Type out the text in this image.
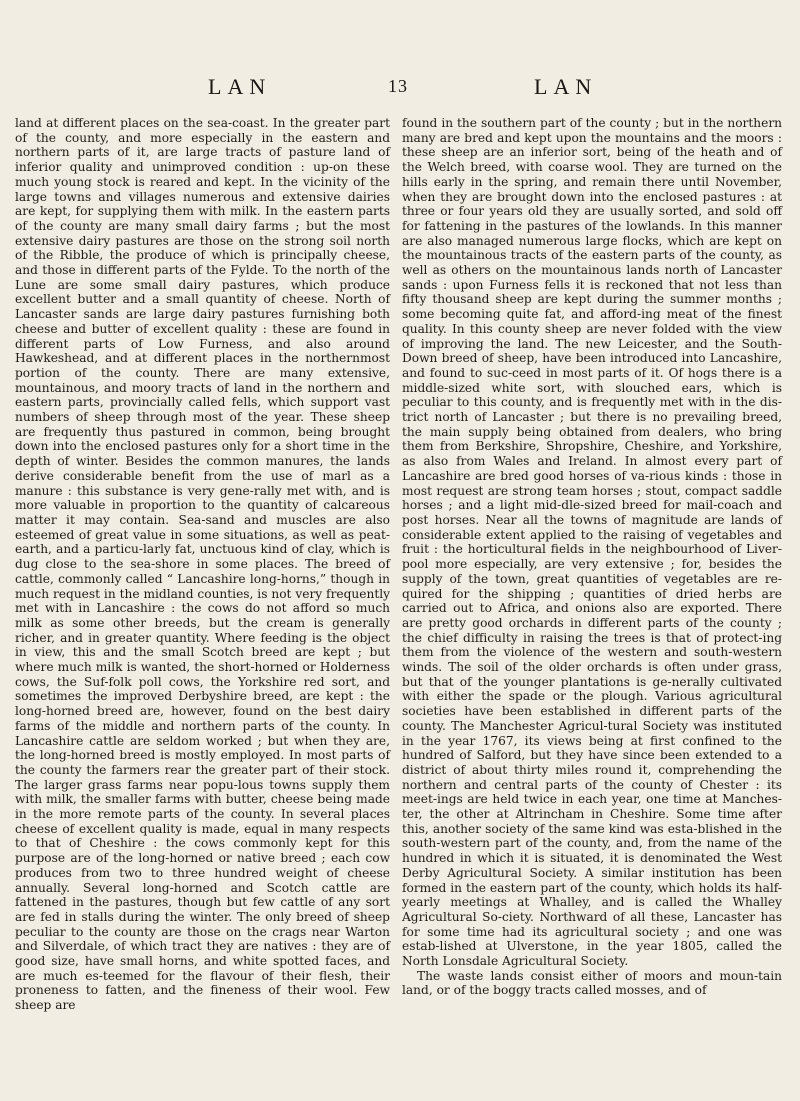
LAN	13	LAN

land at different places on the sea-coast. In the greater part of the county, and more especially in the eastern and northern parts of it, are large tracts of pasture land of inferior quality and unimproved condition : up-on these much young stock is reared and kept. In the vicinity of the large towns and villages numerous and extensive dairies are kept, for supplying them with milk. In the eastern parts of the county are many small dairy farms ; but the most extensive dairy pastures are those on the strong soil north of the Ribble, the produce of which is principally cheese, and those in different parts of the Fylde. To the north of the Lune are some small dairy pastures, which produce excellent butter and a small quantity of cheese. North of Lancaster sands are large dairy pastures furnishing both cheese and butter of excellent quality : these are found in different parts of Low Furness, and also around Hawkeshead, and at different places in the northernmost portion of the county. There are many extensive, mountainous, and moory tracts of land in the northern and eastern parts, provincially called fells, which support vast numbers of sheep through most of the year. These sheep are frequently thus pastured in common, being brought down into the enclosed pastures only for a short time in the depth of winter. Besides the common manures, the lands derive considerable benefit from the use of marl as a manure : this substance is very gene-rally met with, and is more valuable in proportion to the quantity of calcareous matter it may contain. Sea-sand and muscles are also esteemed of great value in some situations, as well as peat-earth, and a particu-larly fat, unctuous kind of clay, which is dug close to the sea-shore in some places. The breed of cattle, commonly called “ Lancashire long-horns,” though in much request in the midland counties, is not very frequently met with in Lancashire : the cows do not afford so much milk as some other breeds, but the cream is generally richer, and in greater quantity. Where feeding is the object in view, this and the small Scotch breed are kept ; but where much milk is wanted, the short-horned or Holderness cows, the Suf-folk poll cows, the Yorkshire red sort, and sometimes the improved Derbyshire breed, are kept : the long-horned breed are, however, found on the best dairy farms of the middle and northern parts of the county. In Lancashire cattle are seldom worked ; but when they are, the long-horned breed is mostly employed. In most parts of the county the farmers rear the greater part of their stock. The larger grass farms near popu-lous towns supply them with milk, the smaller farms with butter, cheese being made in the more remote parts of the county. In several places cheese of excellent quality is made, equal in many respects to that of Cheshire : the cows commonly kept for this purpose are of the long-horned or native breed ; each cow produces from two to three hundred weight of cheese annually. Several long-horned and Scotch cattle are fattened in the pastures, though but few cattle of any sort are fed in stalls during the winter. The only breed of sheep peculiar to the county are those on the crags near Warton and Silverdale, of which tract they are natives : they are of good size, have small horns, and white spotted faces, and are much es-teemed for the flavour of their flesh, their proneness to fatten, and the fineness of their wool. Few sheep are

found in the southern part of the county ; but in the northern many are bred and kept upon the mountains and the moors : these sheep are an inferior sort, being of the heath and of the Welch breed, with coarse wool. They are turned on the hills early in the spring, and remain there until November, when they are brought down into the enclosed pastures : at three or four years old they are usually sorted, and sold off for fattening in the pastures of the lowlands. In this manner are also managed numerous large flocks, which are kept on the mountainous tracts of the eastern parts of the county, as well as others on the mountainous lands north of Lancaster sands : upon Furness fells it is reckoned that not less than fifty thousand sheep are kept during the summer months ; some becoming quite fat, and afford-ing meat of the finest quality. In this county sheep are never folded with the view of improving the land. The new Leicester, and the South-Down breed of sheep, have been introduced into Lancashire, and found to suc-ceed in most parts of it. Of hogs there is a middle-sized white sort, with slouched ears, which is peculiar to this county, and is frequently met with in the dis-trict north of Lancaster ; but there is no prevailing breed, the main supply being obtained from dealers, who bring them from Berkshire, Shropshire, Cheshire, and Yorkshire, as also from Wales and Ireland. In almost every part of Lancashire are bred good horses of va-rious kinds : those in most request are strong team horses ; stout, compact saddle horses ; and a light mid-dle-sized breed for mail-coach and post horses. Near all the towns of magnitude are lands of considerable extent applied to the raising of vegetables and fruit : the horticultural fields in the neighbourhood of Liver-pool more especially, are very extensive ; for, besides the supply of the town, great quantities of vegetables are re-quired for the shipping ; quantities of dried herbs are carried out to Africa, and onions also are exported. There are pretty good orchards in different parts of the county ; the chief difficulty in raising the trees is that of protect-ing them from the violence of the western and south-western winds. The soil of the older orchards is often under grass, but that of the younger plantations is ge-nerally cultivated with either the spade or the plough. Various agricultural societies have been established in different parts of the county. The Manchester Agricul-tural Society was instituted in the year 1767, its views being at first confined to the hundred of Salford, but they have since been extended to a district of about thirty miles round it, comprehending the northern and central parts of the county of Chester : its meet-ings are held twice in each year, one time at Manches-ter, the other at Altrincham in Cheshire. Some time after this, another society of the same kind was esta-blished in the south-western part of the county, and, from the name of the hundred in which it is situated, it is denominated the West Derby Agricultural Society. A similar institution has been formed in the eastern part of the county, which holds its half-yearly meetings at Whalley, and is called the Whalley Agricultural So-ciety. Northward of all these, Lancaster has for some time had its agricultural society ; and one was estab-lished at Ulverstone, in the year 1805, called the North Lonsdale Agricultural Society.

The waste lands consist either of moors and moun-tain land, or of the boggy tracts called mosses, and of
